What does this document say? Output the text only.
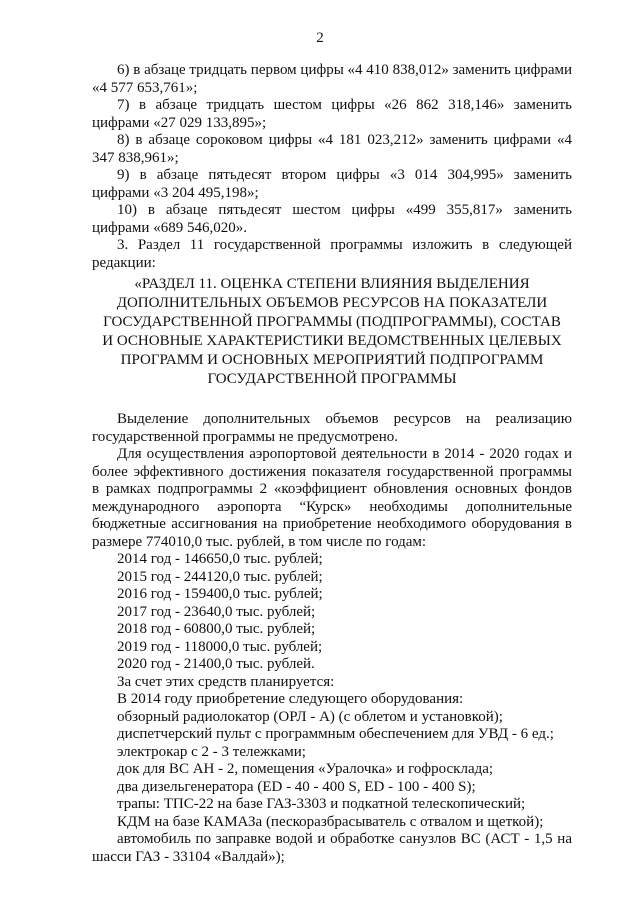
2

6) в абзаце тридцать первом цифры «4 410 838,012» заменить цифрами «4 577 653,761»;

7) в абзаце тридцать шестом цифры «26 862 318,146» заменить цифрами «27 029 133,895»;

8) в абзаце сороковом цифры «4 181 023,212» заменить цифрами «4 347 838,961»;

9) в абзаце пятьдесят втором цифры «3 014 304,995» заменить цифрами «3 204 495,198»;

10) в абзаце пятьдесят шестом цифры «499 355,817» заменить цифрами «689 546,020».

3. Раздел 11 государственной программы изложить в следующей редакции:

«РАЗДЕЛ 11. ОЦЕНКА СТЕПЕНИ ВЛИЯНИЯ ВЫДЕЛЕНИЯ ДОПОЛНИТЕЛЬНЫХ ОБЪЕМОВ РЕСУРСОВ НА ПОКАЗАТЕЛИ ГОСУДАРСТВЕННОЙ ПРОГРАММЫ (ПОДПРОГРАММЫ), СОСТАВ И ОСНОВНЫЕ ХАРАКТЕРИСТИКИ ВЕДОМСТВЕННЫХ ЦЕЛЕВЫХ ПРОГРАММ И ОСНОВНЫХ МЕРОПРИЯТИЙ ПОДПРОГРАММ ГОСУДАРСТВЕННОЙ ПРОГРАММЫ

Выделение дополнительных объемов ресурсов на реализацию государственной программы не предусмотрено.

Для осуществления аэропортовой деятельности в 2014 - 2020 годах и более эффективного достижения показателя государственной программы в рамках подпрограммы 2 «коэффициент обновления основных фондов международного аэропорта “Курск» необходимы дополнительные бюджетные ассигнования на приобретение необходимого оборудования в размере 774010,0 тыс. рублей, в том числе по годам:

2014 год - 146650,0 тыс. рублей;

2015 год - 244120,0 тыс. рублей;

2016 год - 159400,0 тыс. рублей;

2017 год - 23640,0 тыс. рублей;

2018 год - 60800,0 тыс. рублей;

2019 год - 118000,0 тыс. рублей;

2020 год - 21400,0 тыс. рублей.

За счет этих средств планируется:

В 2014 году приобретение следующего оборудования:

обзорный радиолокатор (ОРЛ - А) (с облетом и установкой);

диспетчерский пульт с программным обеспечением для УВД - 6 ед.;

электрокар с 2 - 3 тележками;

док для ВС АН - 2, помещения «Уралочка» и гофросклада;

два дизельгенератора (ED - 40 - 400 S, ED - 100 - 400 S);

трапы: ТПС-22 на базе ГАЗ-3303 и подкатной телескопический;

КДМ на базе КАМАЗа (пескоразбрасыватель с отвалом и щеткой);

автомобиль по заправке водой и обработке санузлов ВС (АСТ - 1,5 на шасси ГАЗ - 33104 «Валдай»);
